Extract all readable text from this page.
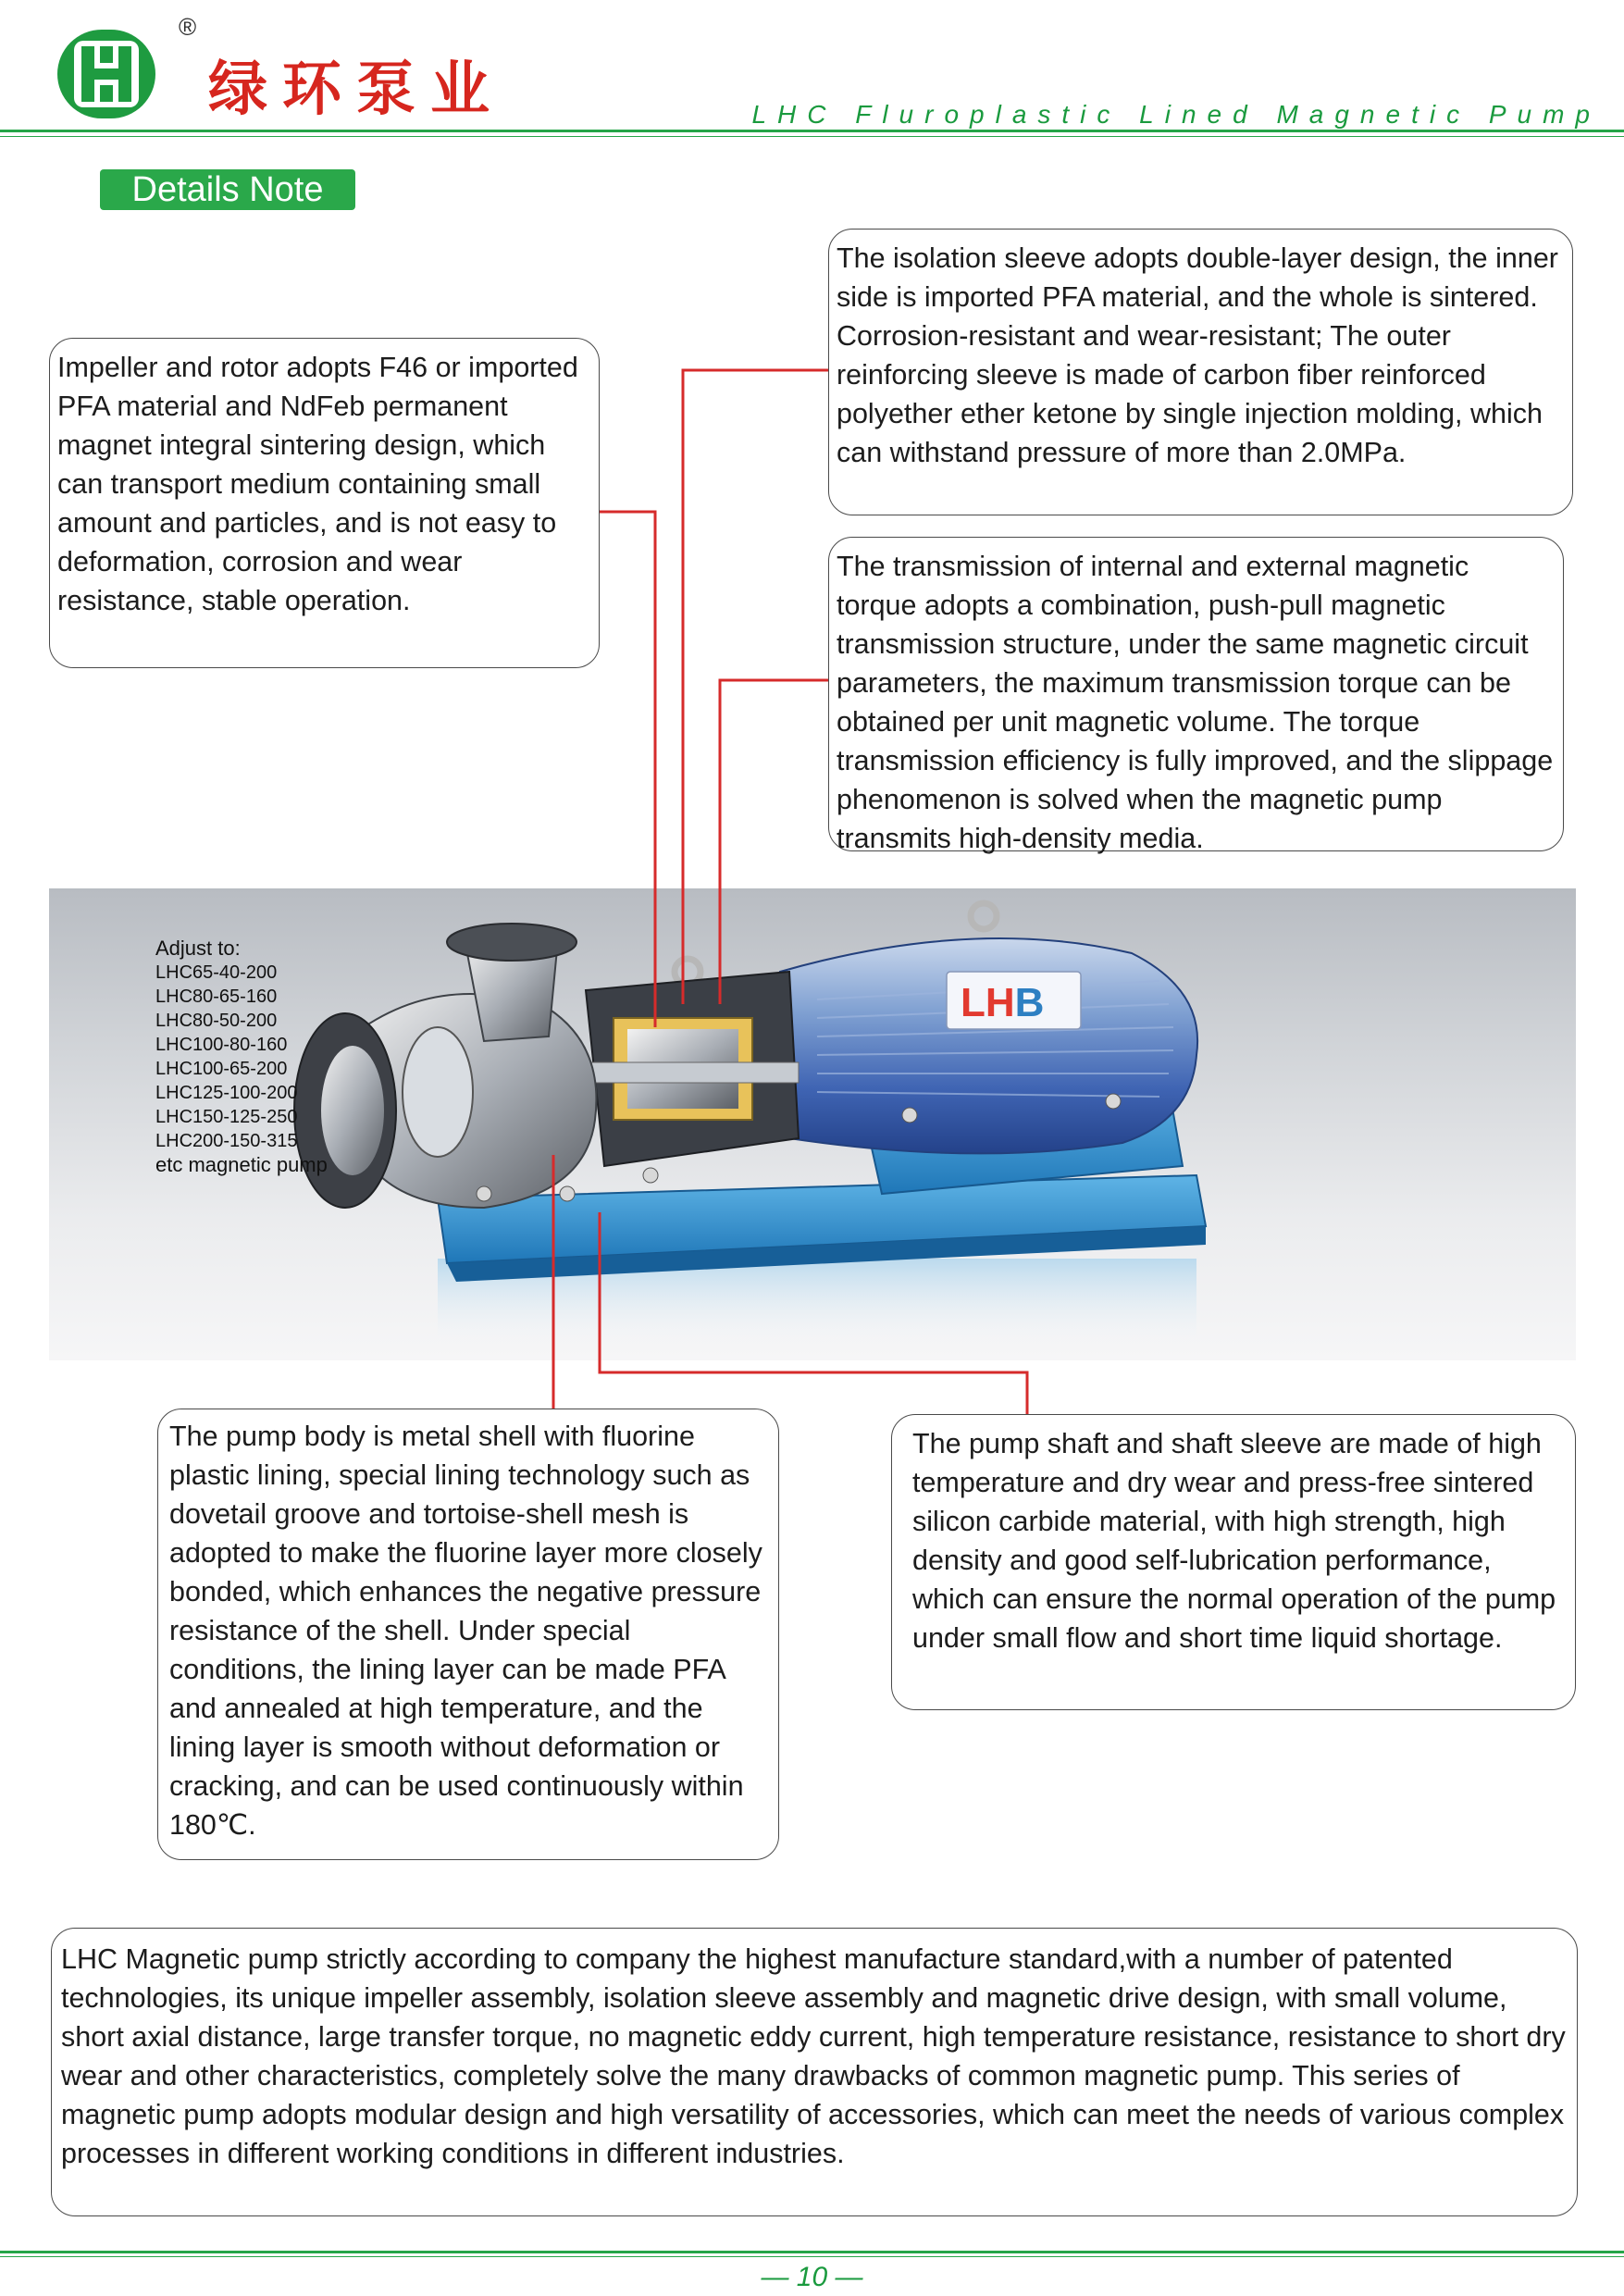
®
绿环泵业	LHC Fluroplastic Lined Magnetic Pump
Details Note
Impeller and rotor adopts F46 or imported PFA material and NdFeb permanent magnet integral sintering design, which can transport medium containing small amount and particles, and is not easy to deformation, corrosion and wear resistance, stable operation.
The isolation sleeve adopts double-layer design, the inner side is imported PFA material, and the whole is sintered. Corrosion-resistant and wear-resistant; The outer reinforcing sleeve is made of carbon fiber reinforced polyether ether ketone by single injection molding, which can withstand pressure of more than 2.0MPa.
The transmission of internal and external magnetic torque adopts a combination, push-pull magnetic transmission structure, under the same magnetic circuit parameters, the maximum transmission torque can be obtained per unit magnetic volume. The torque transmission efficiency is fully improved, and the slippage phenomenon is solved when the magnetic pump transmits high-density media.
LHB
Adjust to:
LHC65-40-200
LHC80-65-160
LHC80-50-200
LHC100-80-160
LHC100-65-200
LHC125-100-200
LHC150-125-250
LHC200-150-315
etc magnetic pump
The pump body is metal shell with fluorine plastic lining, special lining technology such as dovetail groove and tortoise-shell mesh is adopted to make the fluorine layer more closely bonded, which enhances the negative pressure resistance of the shell. Under special conditions, the lining layer can be made PFA and annealed at high temperature, and the lining layer is smooth without deformation or cracking, and can be used continuously within 180℃.
The pump shaft and shaft sleeve are made of high temperature and dry wear and press-free sintered silicon carbide material, with high strength, high density and good self-lubrication performance, which can ensure the normal operation of the pump under small flow and short time liquid shortage.
LHC Magnetic pump strictly according to company the highest manufacture standard,with a number of patented technologies, its unique impeller assembly, isolation sleeve assembly and magnetic drive design, with small volume, short axial distance, large transfer torque, no magnetic eddy current, high temperature resistance, resistance to short dry wear and other characteristics, completely solve the many drawbacks of common magnetic pump. This series of magnetic pump adopts modular design and high versatility of accessories, which can meet the needs of various complex processes in different working conditions in different industries.
— 10 —
